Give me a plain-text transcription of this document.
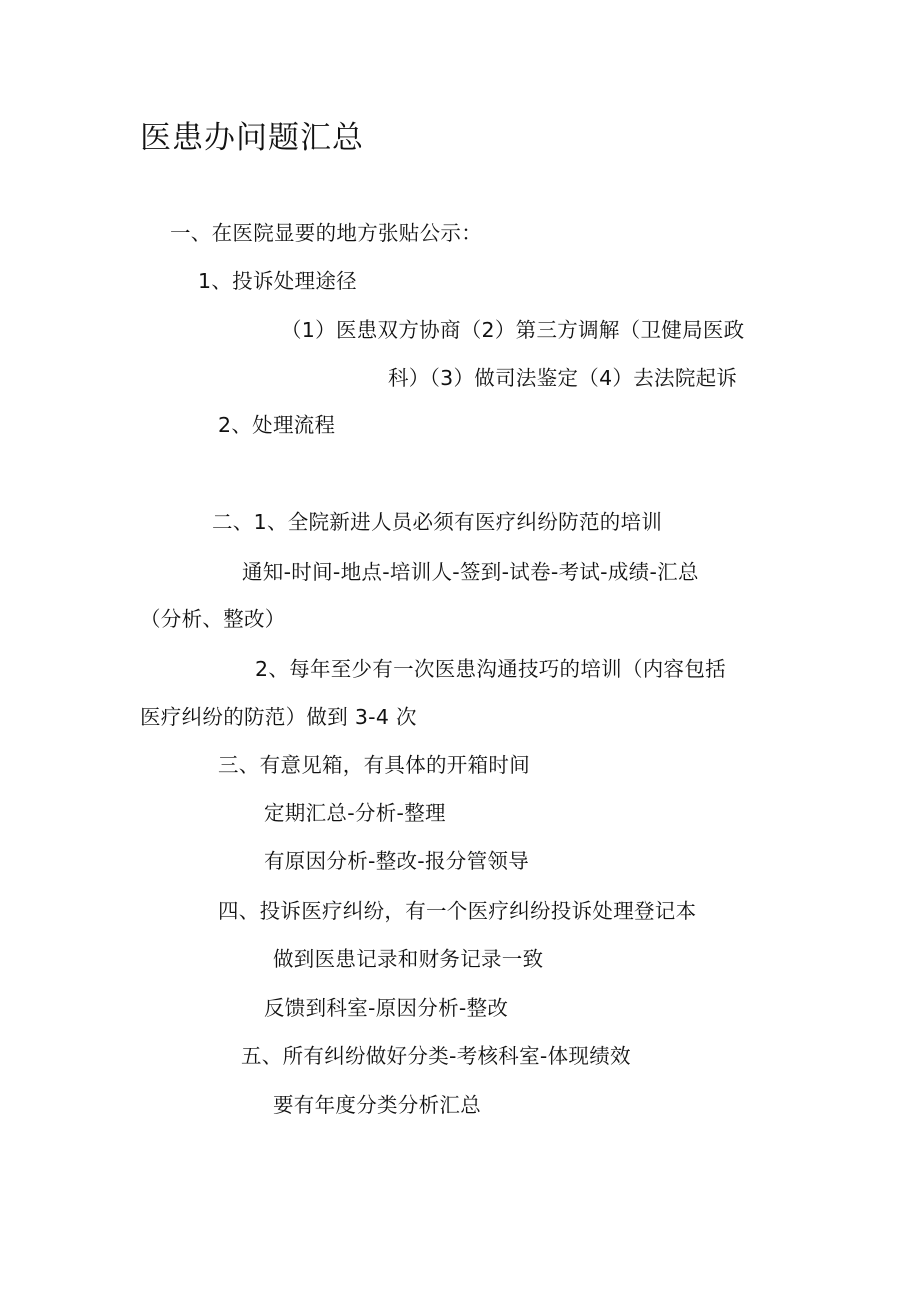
医患办问题汇总
一、在医院显要的地方张贴公示：
1、投诉处理途径
（1）医患双方协商（2）第三方调解（卫健局医政
科）（3）做司法鉴定（4）去法院起诉
2、处理流程
二、1、全院新进人员必须有医疗纠纷防范的培训
通知-时间-地点-培训人-签到-试卷-考试-成绩-汇总
（分析、整改）
2、每年至少有一次医患沟通技巧的培训（内容包括
医疗纠纷的防范）做到 3-4 次
三、有意见箱，有具体的开箱时间
定期汇总-分析-整理
有原因分析-整改-报分管领导
四、投诉医疗纠纷，有一个医疗纠纷投诉处理登记本
做到医患记录和财务记录一致
反馈到科室-原因分析-整改
五、所有纠纷做好分类-考核科室-体现绩效
要有年度分类分析汇总
